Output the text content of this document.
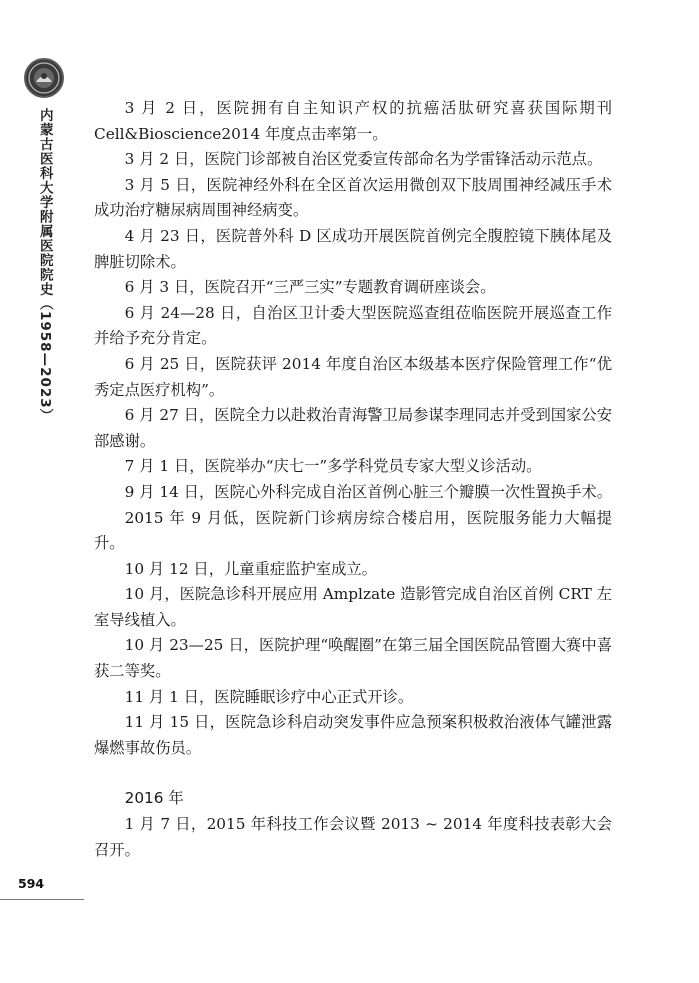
内蒙古医科大学附属医院院史（1958—2023）
594

3 月 2 日，医院拥有自主知识产权的抗癌活肽研究喜获国际期刊 Cell&Bioscience2014 年度点击率第一。

3 月 2 日，医院门诊部被自治区党委宣传部命名为学雷锋活动示范点。

3 月 5 日，医院神经外科在全区首次运用微创双下肢周围神经减压手术成功治疗糖尿病周围神经病变。

4 月 23 日，医院普外科 D 区成功开展医院首例完全腹腔镜下胰体尾及脾脏切除术。

6 月 3 日，医院召开“三严三实”专题教育调研座谈会。

6 月 24—28 日，自治区卫计委大型医院巡查组莅临医院开展巡查工作并给予充分肯定。

6 月 25 日，医院获评 2014 年度自治区本级基本医疗保险管理工作“优秀定点医疗机构”。

6 月 27 日，医院全力以赴救治青海警卫局参谋李理同志并受到国家公安部感谢。

7 月 1 日，医院举办“庆七一”多学科党员专家大型义诊活动。

9 月 14 日，医院心外科完成自治区首例心脏三个瓣膜一次性置换手术。

2015 年 9 月低，医院新门诊病房综合楼启用，医院服务能力大幅提升。

10 月 12 日，儿童重症监护室成立。

10 月，医院急诊科开展应用 Amplzate 造影管完成自治区首例 CRT 左室导线植入。

10 月 23—25 日，医院护理“唤醒圈”在第三届全国医院品管圈大赛中喜获二等奖。

11 月 1 日，医院睡眠诊疗中心正式开诊。

11 月 15 日，医院急诊科启动突发事件应急预案积极救治液体气罐泄露爆燃事故伤员。

2016 年

1 月 7 日，2015 年科技工作会议暨 2013 ~ 2014 年度科技表彰大会召开。
